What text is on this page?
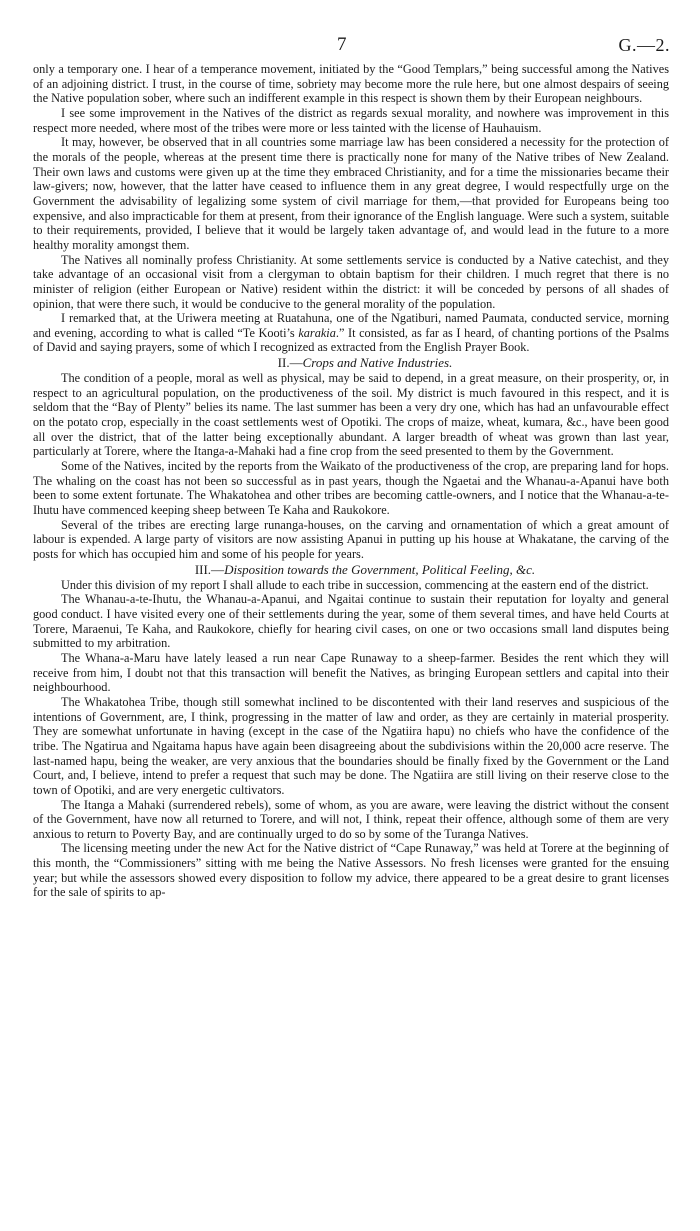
7	G.—2.

only a temporary one. I hear of a temperance movement, initiated by the “Good Templars,” being successful among the Natives of an adjoining district. I trust, in the course of time, sobriety may become more the rule here, but one almost despairs of seeing the Native population sober, where such an indifferent example in this respect is shown them by their European neighbours.

I see some improvement in the Natives of the district as regards sexual morality, and nowhere was improvement in this respect more needed, where most of the tribes were more or less tainted with the license of Hauhauism.

It may, however, be observed that in all countries some marriage law has been considered a necessity for the protection of the morals of the people, whereas at the present time there is practically none for many of the Native tribes of New Zealand. Their own laws and customs were given up at the time they embraced Christianity, and for a time the missionaries became their law-givers; now, however, that the latter have ceased to influence them in any great degree, I would respectfully urge on the Government the advisability of legalizing some system of civil marriage for them,—that provided for Europeans being too expensive, and also impracticable for them at present, from their ignorance of the English language. Were such a system, suitable to their requirements, provided, I believe that it would be largely taken advantage of, and would lead in the future to a more healthy morality amongst them.

The Natives all nominally profess Christianity. At some settlements service is conducted by a Native catechist, and they take advantage of an occasional visit from a clergyman to obtain baptism for their children. I much regret that there is no minister of religion (either European or Native) resident within the district: it will be conceded by persons of all shades of opinion, that were there such, it would be conducive to the general morality of the population.

I remarked that, at the Uriwera meeting at Ruatahuna, one of the Ngatiburi, named Paumata, conducted service, morning and evening, according to what is called “Te Kooti’s karakia.” It consisted, as far as I heard, of chanting portions of the Psalms of David and saying prayers, some of which I recognized as extracted from the English Prayer Book.

II.—Crops and Native Industries.

The condition of a people, moral as well as physical, may be said to depend, in a great measure, on their prosperity, or, in respect to an agricultural population, on the productiveness of the soil. My district is much favoured in this respect, and it is seldom that the “Bay of Plenty” belies its name. The last summer has been a very dry one, which has had an unfavourable effect on the potato crop, especially in the coast settlements west of Opotiki. The crops of maize, wheat, kumara, &c., have been good all over the district, that of the latter being exceptionally abundant. A larger breadth of wheat was grown than last year, particularly at Torere, where the Itanga-a-Mahaki had a fine crop from the seed presented to them by the Government.

Some of the Natives, incited by the reports from the Waikato of the productiveness of the crop, are preparing land for hops. The whaling on the coast has not been so successful as in past years, though the Ngaetai and the Whanau-a-Apanui have both been to some extent fortunate. The Whakatohea and other tribes are becoming cattle-owners, and I notice that the Whanau-a-te-Ihutu have commenced keeping sheep between Te Kaha and Raukokore.

Several of the tribes are erecting large runanga-houses, on the carving and ornamentation of which a great amount of labour is expended. A large party of visitors are now assisting Apanui in putting up his house at Whakatane, the carving of the posts for which has occupied him and some of his people for years.

III.—Disposition towards the Government, Political Feeling, &c.

Under this division of my report I shall allude to each tribe in succession, commencing at the eastern end of the district.

The Whanau-a-te-Ihutu, the Whanau-a-Apanui, and Ngaitai continue to sustain their reputation for loyalty and general good conduct. I have visited every one of their settlements during the year, some of them several times, and have held Courts at Torere, Maraenui, Te Kaha, and Raukokore, chiefly for hearing civil cases, on one or two occasions small land disputes being submitted to my arbitration.

The Whana-a-Maru have lately leased a run near Cape Runaway to a sheep-farmer. Besides the rent which they will receive from him, I doubt not that this transaction will benefit the Natives, as bringing European settlers and capital into their neighbourhood.

The Whakatohea Tribe, though still somewhat inclined to be discontented with their land reserves and suspicious of the intentions of Government, are, I think, progressing in the matter of law and order, as they are certainly in material prosperity. They are somewhat unfortunate in having (except in the case of the Ngatiira hapu) no chiefs who have the confidence of the tribe. The Ngatirua and Ngaitama hapus have again been disagreeing about the subdivisions within the 20,000 acre reserve. The last-named hapu, being the weaker, are very anxious that the boundaries should be finally fixed by the Government or the Land Court, and, I believe, intend to prefer a request that such may be done. The Ngatiira are still living on their reserve close to the town of Opotiki, and are very energetic cultivators.

The Itanga a Mahaki (surrendered rebels), some of whom, as you are aware, were leaving the district without the consent of the Government, have now all returned to Torere, and will not, I think, repeat their offence, although some of them are very anxious to return to Poverty Bay, and are continually urged to do so by some of the Turanga Natives.

The licensing meeting under the new Act for the Native district of “Cape Runaway,” was held at Torere at the beginning of this month, the “Commissioners” sitting with me being the Native Assessors. No fresh licenses were granted for the ensuing year; but while the assessors showed every disposition to follow my advice, there appeared to be a great desire to grant licenses for the sale of spirits to ap-
